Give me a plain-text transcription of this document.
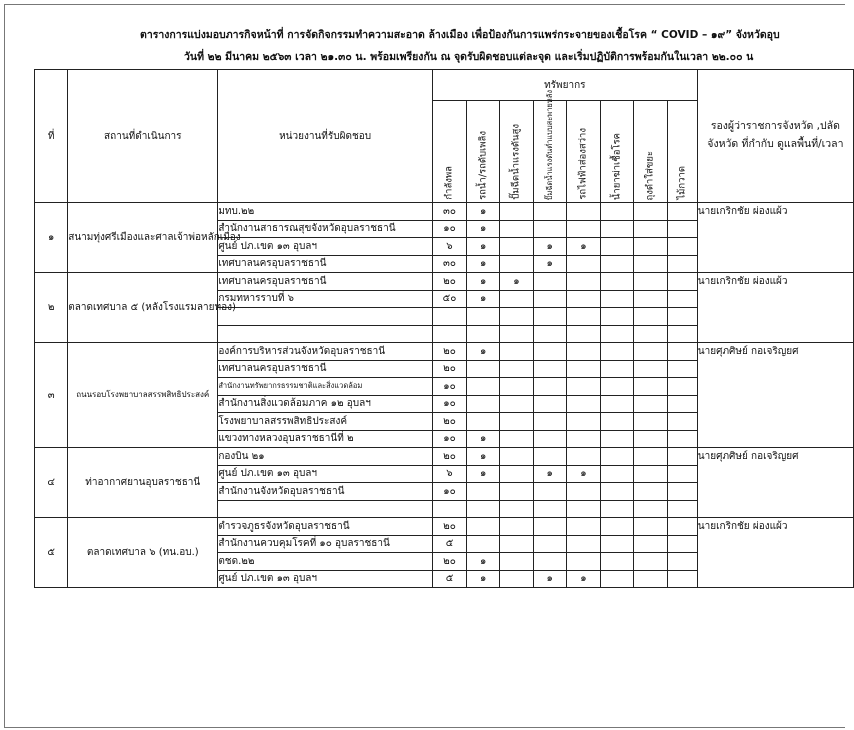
ตารางการแบ่งมอบภารกิจหน้าที่ การจัดกิจกรรมทำความสะอาด ล้างเมือง เพื่อป้องกันการแพร่กระจายของเชื้อโรค “ COVID – ๑๙” จังหวัดอุบ
วันที่ ๒๒ มีนาคม ๒๕๖๓ เวลา ๒๑.๓๐ น. พร้อมเพรียงกัน ณ จุดรับผิดชอบแต่ละจุด และเริ่มปฏิบัติการพร้อมกันในเวลา ๒๒.๐๐ น
ที่	สถานที่ดำเนินการ	หน่วยงานที่รับผิดชอบ	ทรัพยากร								รองผู้ว่าราชการจังหวัด ,ปลัดจังหวัด ที่กำกับ ดูแลพื้นที่/เวลา

			กำลังพล	รถน้ำ/รถดับเพลิง	ปั๊มฉีดน้ำแรงดันสูง	ปั๊มฉีดน้ำแรงดันต่ำแบบสะพายหลัง	รถไฟฟ้าส่องสว่าง	น้ำยาฆ่าเชื้อโรค	ถุงดำใส่ขยะ	ไม้กวาด	

๑	สนามทุ่งศรีเมืองและศาลเจ้าพ่อหลักเมือง	มทบ.๒๒	๓๐	๑							นายเกริกชัย ผ่องแผ้ว
		สำนักงานสาธารณสุขจังหวัดอุบลราชธานี	๑๐	๑							
		ศูนย์ ปภ.เขต ๑๓ อุบลฯ	๖	๑		๑	๑				
		เทศบาลนครอุบลราชธานี	๓๐	๑		๑					
๒	ตลาดเทศบาล ๕ (หลังโรงแรมลายทอง)	เทศบาลนครอุบลราชธานี	๒๐	๑	๑						นายเกริกชัย ผ่องแผ้ว
		กรมทหารราบที่ ๖	๕๐	๑							

๓	ถนนรอบโรงพยาบาลสรรพสิทธิประสงค์	องค์การบริหารส่วนจังหวัดอุบลราชธานี	๒๐	๑							นายศุภศิษย์ กอเจริญยศ
		เทศบาลนครอุบลราชธานี	๒๐								
		สำนักงานทรัพยากรธรรมชาติและสิ่งแวดล้อม	๑๐								
		สำนักงานสิ่งแวดล้อมภาค ๑๒ อุบลฯ	๑๐								
		โรงพยาบาลสรรพสิทธิประสงค์	๒๐								
		แขวงทางหลวงอุบลราชธานีที่ ๒	๑๐	๑							
๔	ท่าอากาศยานอุบลราชธานี	กองบิน ๒๑	๒๐	๑							นายศุภศิษย์ กอเจริญยศ
		ศูนย์ ปภ.เขต ๑๓ อุบลฯ	๖	๑		๑	๑				
		สำนักงานจังหวัดอุบลราชธานี	๑๐								

๕	ตลาดเทศบาล ๖ (ทน.อบ.)	ตำรวจภูธรจังหวัดอุบลราชธานี	๒๐								นายเกริกชัย ผ่องแผ้ว
		สำนักงานควบคุมโรคที่ ๑๐ อุบลราชธานี	๕								
		ตชด.๒๒	๒๐	๑							
		ศูนย์ ปภ.เขต ๑๓ อุบลฯ	๕	๑		๑	๑				
